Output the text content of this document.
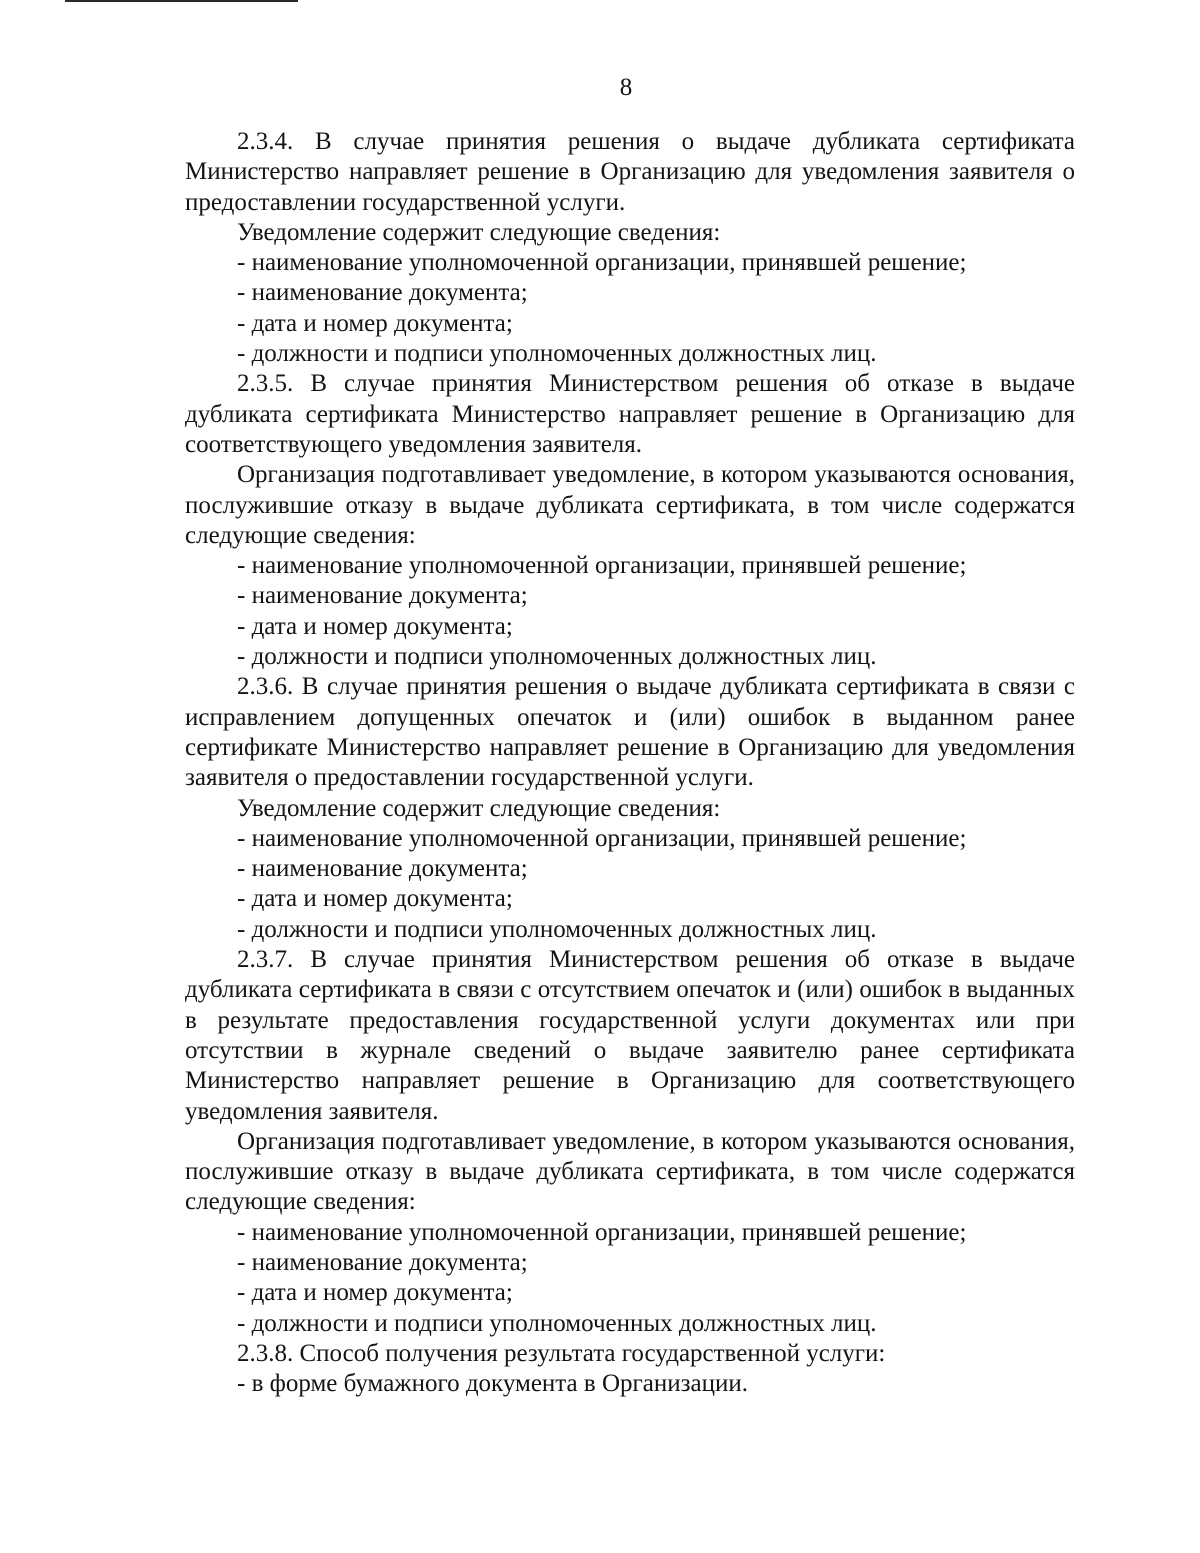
8

2.3.4. В случае принятия решения о выдаче дубликата сертификата

Министерство направляет решение в Организацию для уведомления заявителя о предоставлении государственной услуги.

Уведомление содержит следующие сведения:

- наименование уполномоченной организации, принявшей решение;

- наименование документа;

- дата и номер документа;

- должности и подписи уполномоченных должностных лиц.

2.3.5. В случае принятия Министерством решения об отказе в выдаче дубликата сертификата Министерство направляет решение в Организацию для соответствующего уведомления заявителя.

Организация подготавливает уведомление, в котором указываются основания, послужившие отказу в выдаче дубликата сертификата, в том числе содержатся следующие сведения:

- наименование уполномоченной организации, принявшей решение;

- наименование документа;

- дата и номер документа;

- должности и подписи уполномоченных должностных лиц.

2.3.6. В случае принятия решения о выдаче дубликата сертификата в связи с исправлением допущенных опечаток и (или) ошибок в выданном ранее сертификате Министерство направляет решение в Организацию для уведомления заявителя о предоставлении государственной услуги.

Уведомление содержит следующие сведения:

- наименование уполномоченной организации, принявшей решение;

- наименование документа;

- дата и номер документа;

- должности и подписи уполномоченных должностных лиц.

2.3.7. В случае принятия Министерством решения об отказе в выдаче дубликата сертификата в связи с отсутствием опечаток и (или) ошибок в выданных в результате предоставления государственной услуги документах или при отсутствии в журнале сведений о выдаче заявителю ранее сертификата Министерство направляет решение в Организацию для соответствующего уведомления заявителя.

Организация подготавливает уведомление, в котором указываются основания, послужившие отказу в выдаче дубликата сертификата, в том числе содержатся следующие сведения:

- наименование уполномоченной организации, принявшей решение;

- наименование документа;

- дата и номер документа;

- должности и подписи уполномоченных должностных лиц.

2.3.8. Способ получения результата государственной услуги:

- в форме бумажного документа в Организации.
